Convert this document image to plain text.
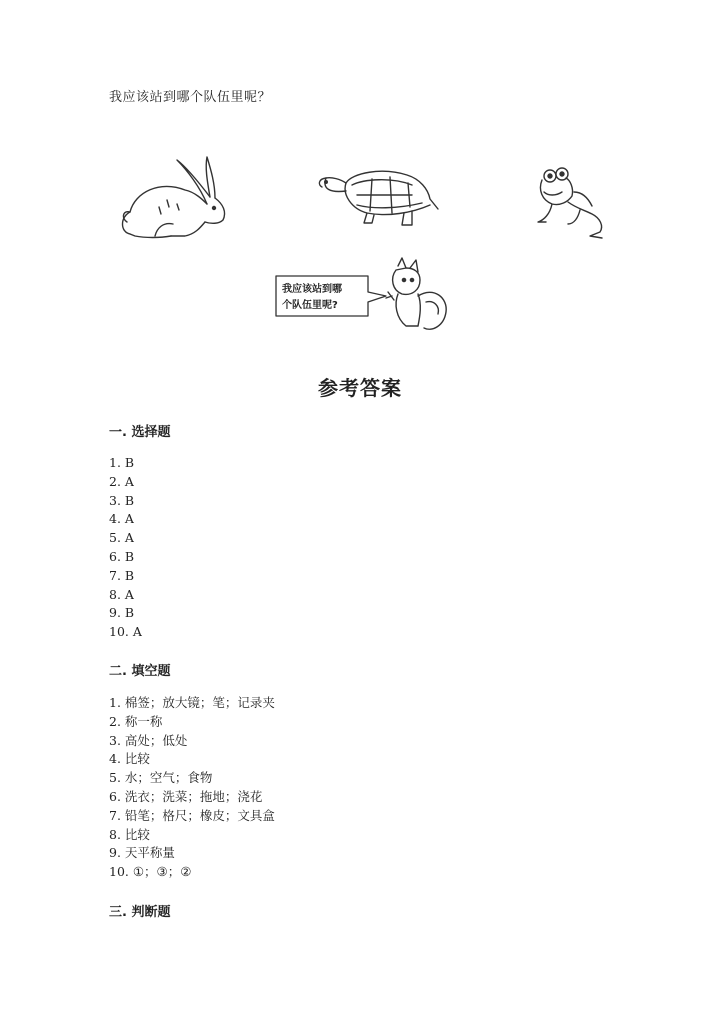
我应该站到哪个队伍里呢？
我应该站到哪
个队伍里呢?
参考答案
一. 选择题
1. B
2. A
3. B
4. A
5. A
6. B
7. B
8. A
9. B
10. A
二. 填空题
1. 棉签；放大镜；笔；记录夹
2. 称一称
3. 高处；低处
4. 比较
5. 水；空气；食物
6. 洗衣；洗菜；拖地；浇花
7. 铅笔；格尺；橡皮；文具盒
8. 比较
9. 天平称量
10. ①；③；②
三. 判断题
